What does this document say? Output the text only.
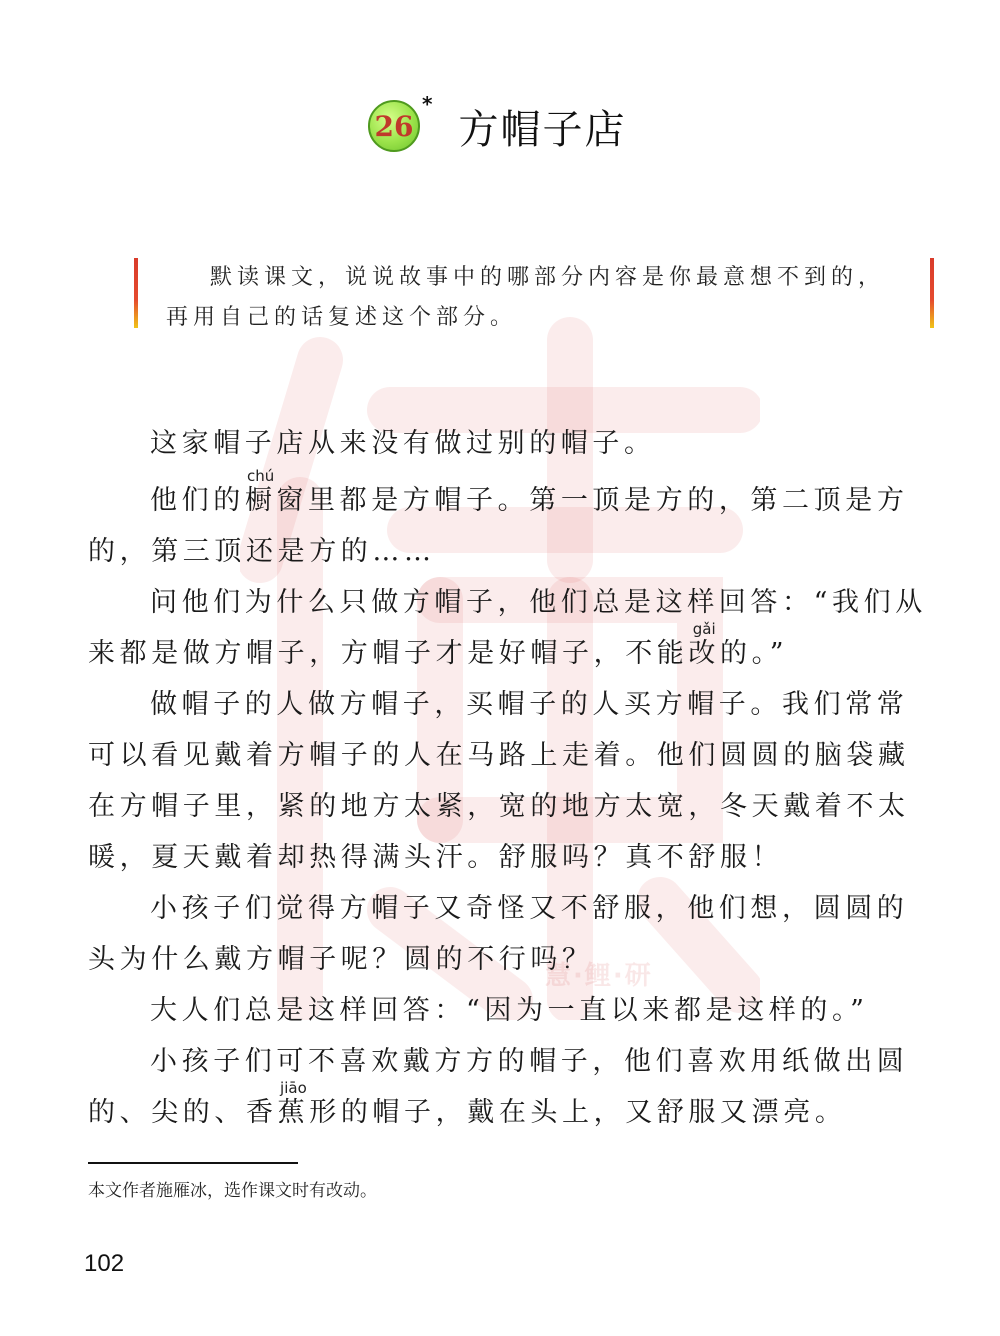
慧·鲤·研
26
*
方帽子店
默读课文，说说故事中的哪部分内容是你最意想不到的，再用自己的话复述这个部分。

这家帽子店从来没有做过别的帽子。

他们的橱chú窗里都是方帽子。第一顶是方的，第二顶是方的，第三顶还是方的……

问他们为什么只做方帽子，他们总是这样回答：“我们从来都是做方帽子，方帽子才是好帽子，不能改gǎi的。”

做帽子的人做方帽子，买帽子的人买方帽子。我们常常可以看见戴着方帽子的人在马路上走着。他们圆圆的脑袋藏在方帽子里，紧的地方太紧，宽的地方太宽，冬天戴着不太暖，夏天戴着却热得满头汗。舒服吗？真不舒服！

小孩子们觉得方帽子又奇怪又不舒服，他们想，圆圆的头为什么戴方帽子呢？圆的不行吗？

大人们总是这样回答：“因为一直以来都是这样的。”

小孩子们可不喜欢戴方方的帽子，他们喜欢用纸做出圆的、尖的、香蕉jiāo形的帽子，戴在头上，又舒服又漂亮。

本文作者施雁冰，选作课文时有改动。
102
